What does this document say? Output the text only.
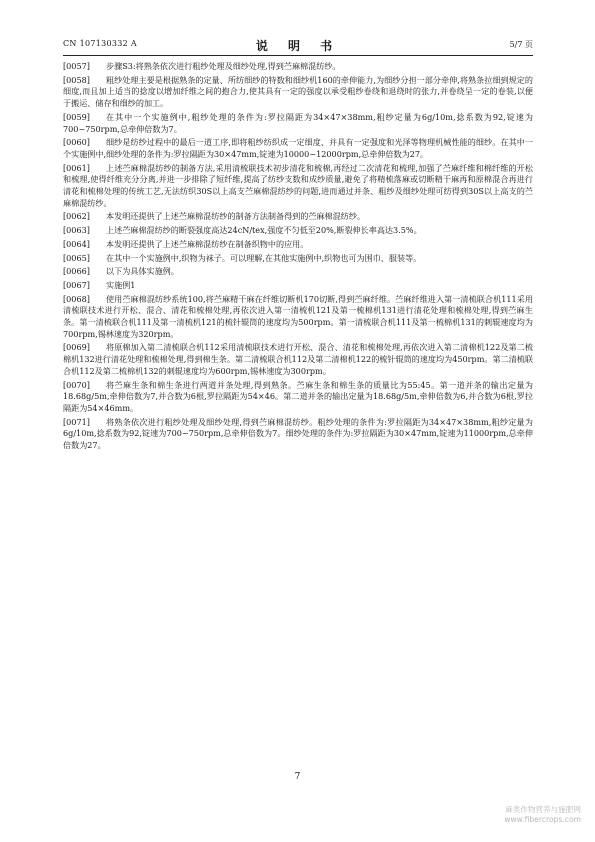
CN 107130332 A	说 明 书	5/7 页
[0057]	步骤S3:将熟条依次进行粗纱处理及细纱处理,得到苎麻棉混纺纱。
[0058]	粗纱处理主要是根据熟条的定量、所纺细纱的特数和细纱机160的牵伸能力,为细纱分担一部分牵伸,将熟条拉细到规定的细度,而且加上适当的捻度以增加纤维之间的抱合力,使其具有一定的强度以承受粗纱卷绕和退绕时的张力,并卷绕呈一定的卷装,以便于搬运、储存和细纱的加工。
[0059]	在其中一个实施例中,粗纱处理的条件为:罗拉隔距为34×47×38mm,粗纱定量为6g/10m,捻系数为92,锭速为700~750rpm,总牵伸倍数为7。
[0060]	细纱是纺纱过程中的最后一道工序,即将粗纱纺织成一定细度、并具有一定强度和光泽等物理机械性能的细纱。在其中一个实施例中,细纱处理的条件为:罗拉隔距为30×47mm,锭速为10000~12000rpm,总牵伸倍数为27。
[0061]	上述苎麻棉混纺纱的制备方法,采用清梳联技术初步清花和梳棉,再经过二次清花和梳理,加强了苎麻纤维和棉纤维的开松和梳理,使得纤维充分分离,并进一步排除了短纤维,提高了纺纱支数和成纱质量,避免了将精梳落麻或切断精干麻再和原棉混合再进行清花和梳棉处理的传统工艺,无法纺织30S以上高支苎麻棉混纺纱的问题,进而通过并条、粗纱及细纱处理可纺得到30S以上高支的苎麻棉混纺纱。
[0062]	本发明还提供了上述苎麻棉混纺纱的制备方法制备得到的苎麻棉混纺纱。
[0063]	上述苎麻棉混纺纱的断裂强度高达24cN/tex,强度不匀低至20%,断裂伸长率高达3.5%。
[0064]	本发明还提供了上述苎麻棉混纺纱在制备织物中的应用。
[0065]	在其中一个实施例中,织物为袜子。可以理解,在其他实施例中,织物也可为围巾、服装等。
[0066]	以下为具体实施例。
[0067]	实施例1
[0068]	使用苎麻棉混纺纱系统100,将苎麻精干麻在纤维切断机170切断,得到苎麻纤维。苎麻纤维进入第一清梳联合机111采用清梳联技术进行开松、混合、清花和梳棉处理,再依次进入第一清梳机121及第一梳棉机131进行清花处理和梳棉处理,得到苎麻生条。第一清梳联合机111及第一清梳机121的梳针辊筒的速度均为500rpm。第一清梳联合机111及第一梳棉机131的刺辊速度均为700rpm,锡林速度为320rpm。
[0069]	将原棉加入第二清梳联合机112采用清梳联技术进行开松、混合、清花和梳棉处理,再依次进入第二清棉机122及第二梳棉机132进行清花处理和梳棉处理,得到棉生条。第二清梳联合机112及第二清棉机122的梳针辊筒的速度均为450rpm。第二清梳联合机112及第二梳棉机132的刺辊速度均为600rpm,锡林速度为300rpm。
[0070]	将苎麻生条和棉生条进行两道并条处理,得到熟条。苎麻生条和棉生条的质量比为55:45。第一道并条的输出定量为18.68g/5m,牵伸倍数为7,并合数为6根,罗拉隔距为54×46。第二道并条的输出定量为18.68g/5m,牵伸倍数为6,并合数为6根,罗拉隔距为54×46mm。
[0071]	将熟条依次进行粗纱处理及细纱处理,得到苎麻棉混纺纱。粗纱处理的条件为:罗拉隔距为34×47×38mm,粗纱定量为6g/10m,捻系数为92,锭速为700~750rpm,总牵伸倍数为7。细纱处理的条件为:罗拉隔距为30×47mm,锭速为11000rpm,总牵伸倍数为27。
7
麻类作物营养与施肥网
www.fibercrops.com
